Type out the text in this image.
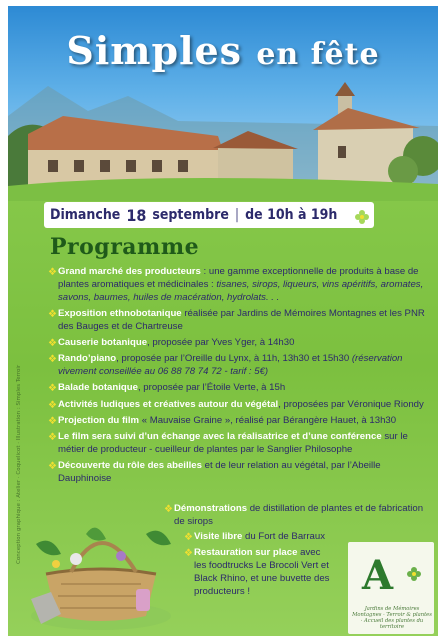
Simples en fête
Dimanche 18 septembre | de 10h à 19h
Programme
❖ Grand marché des producteurs : une gamme exceptionnelle de produits à base de plantes aromatiques et médicinales : tisanes, sirops, liqueurs, vins apéritifs, aromates, savons, baumes, huiles de macération, hydrolats. . .
❖ Exposition ethnobotanique réalisée par Jardins de Mémoires Montagnes et les PNR des Bauges et de Chartreuse
❖ Causerie botanique, proposée par Yves Yger, à 14h30
❖ Rando’piano, proposée par l’Oreille du Lynx, à 11h, 13h30 et 15h30 (réservation vivement conseillée au 06 88 78 74 72 - tarif : 5€)
❖ Balade botanique, proposée par l’Étoile Verte, à 15h
❖ Activités ludiques et créatives autour du végétal, proposées par Véronique Riondy
❖ Projection du film « Mauvaise Graine », réalisé par Bérangère Hauet, à 13h30
❖ Le film sera suivi d’un échange avec la réalisatrice et d’une conférence sur le métier de producteur - cueilleur de plantes par le Sanglier Philosophe
❖ Découverte du rôle des abeilles et de leur relation au végétal, par l’Abeille Dauphinoise
❖ Démonstrations de distillation de plantes et de fabrication de sirops
❖ Visite libre du Fort de Barraux
❖ Restauration sur place avec les foodtrucks Le Brocoli Vert et Black Rhino, et une buvette des producteurs !	A
Jardins de Mémoires Montagnes · Terroir & plantes · Accueil des plantes du territoire
Conception graphique : Atelier · Coquelicot · Illustration : Simples Terroir
